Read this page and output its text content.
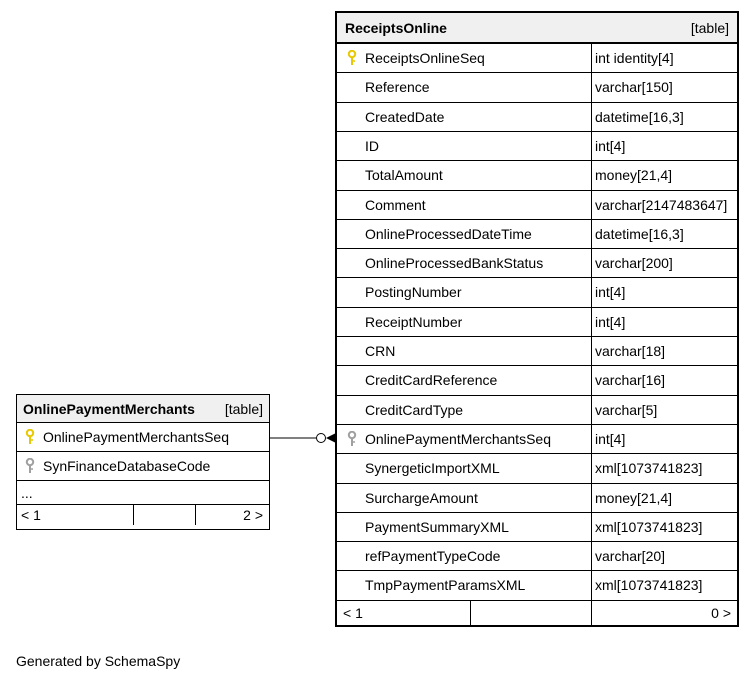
OnlinePaymentMerchants [table]
OnlinePaymentMerchantsSeq
SynFinanceDatabaseCode
...
< 1	2 >
ReceiptsOnline	[table]
ReceiptsOnlineSeq	int identity[4]
Reference	varchar[150]
CreatedDate	datetime[16,3]
ID	int[4]
TotalAmount	money[21,4]
Comment	varchar[2147483647]
OnlineProcessedDateTime	datetime[16,3]
OnlineProcessedBankStatus	varchar[200]
PostingNumber	int[4]
ReceiptNumber	int[4]
CRN	varchar[18]
CreditCardReference	varchar[16]
CreditCardType	varchar[5]
OnlinePaymentMerchantsSeq	int[4]
SynergeticImportXML	xml[1073741823]
SurchargeAmount	money[21,4]
PaymentSummaryXML	xml[1073741823]
refPaymentTypeCode	varchar[20]
TmpPaymentParamsXML	xml[1073741823]
< 1	0 >
Generated by SchemaSpy
